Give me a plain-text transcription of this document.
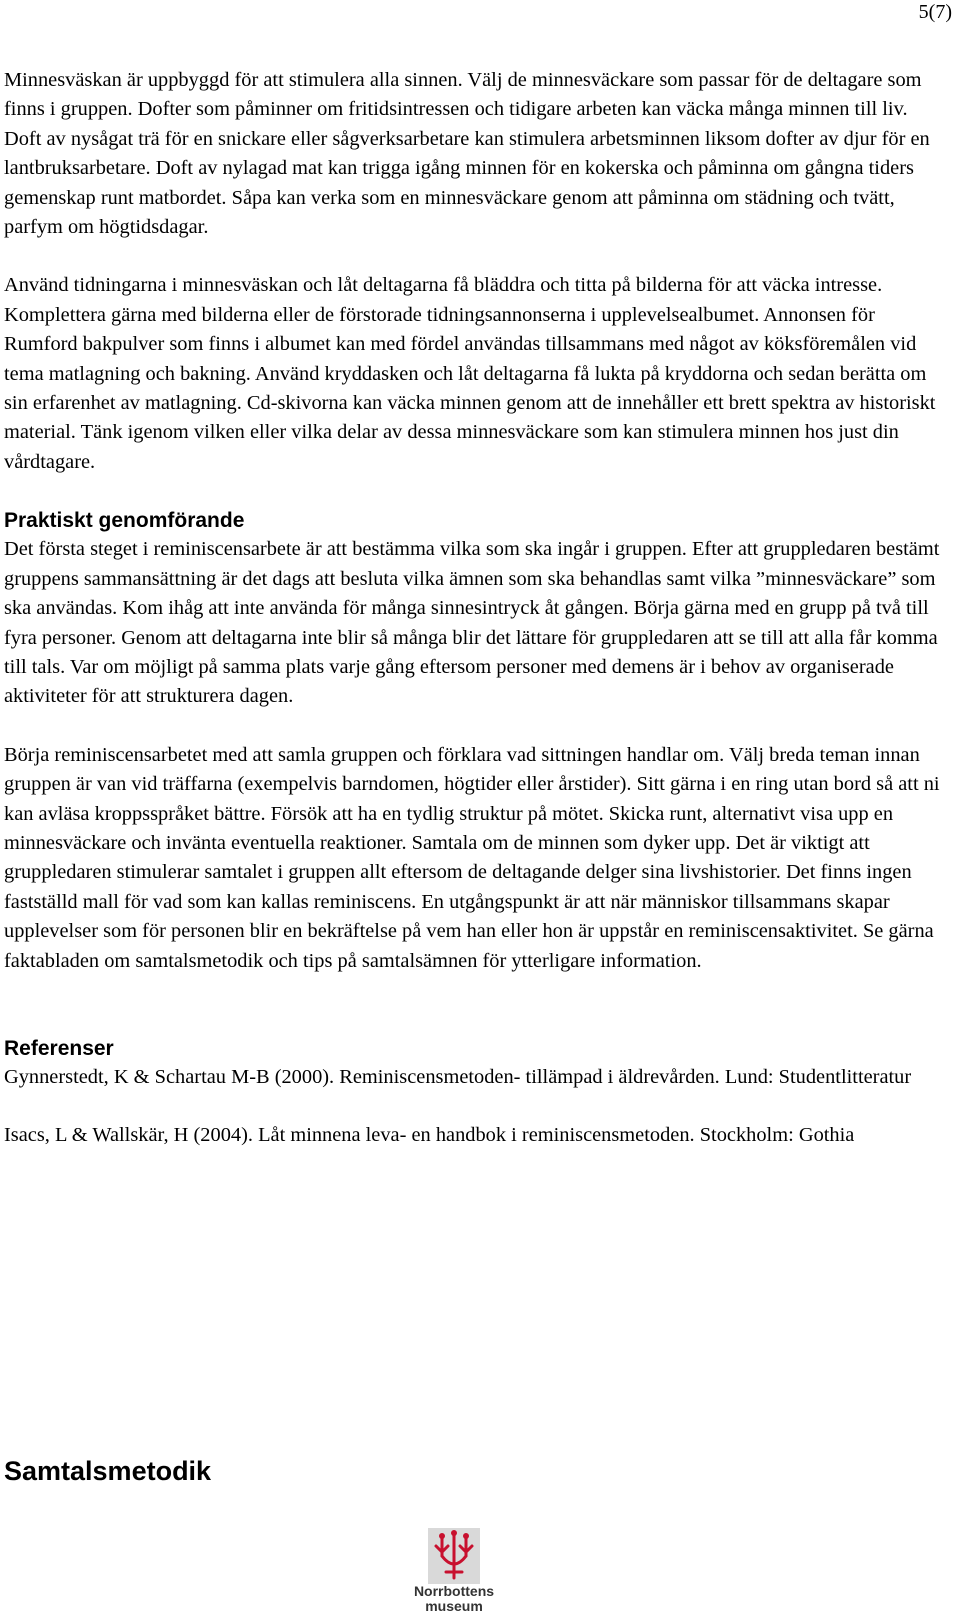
5(7)

Minnesväskan är uppbyggd för att stimulera alla sinnen. Välj de minnesväckare som passar för de deltagare som finns i gruppen. Dofter som påminner om fritidsintressen och tidigare arbeten kan väcka många minnen till liv. Doft av nysågat trä för en snickare eller sågverksarbetare kan stimulera arbetsminnen liksom dofter av djur för en lantbruksarbetare. Doft av nylagad mat kan trigga igång minnen för en kokerska och påminna om gångna tiders gemenskap runt matbordet. Såpa kan verka som en minnesväckare genom att påminna om städning och tvätt, parfym om högtidsdagar.

Använd tidningarna i minnesväskan och låt deltagarna få bläddra och titta på bilderna för att väcka intresse. Komplettera gärna med bilderna eller de förstorade tidningsannonserna i upplevelsealbumet. Annonsen för Rumford bakpulver som finns i albumet kan med fördel användas tillsammans med något av köksföremålen vid tema matlagning och bakning. Använd kryddasken och låt deltagarna få lukta på kryddorna och sedan berätta om sin erfarenhet av matlagning. Cd-skivorna kan väcka minnen genom att de innehåller ett brett spektra av historiskt material. Tänk igenom vilken eller vilka delar av dessa minnesväckare som kan stimulera minnen hos just din vårdtagare.

Praktiskt genomförande

Det första steget i reminiscensarbete är att bestämma vilka som ska ingår i gruppen. Efter att gruppledaren bestämt gruppens sammansättning är det dags att besluta vilka ämnen som ska behandlas samt vilka ”minnesväckare” som ska användas. Kom ihåg att inte använda för många sinnesintryck åt gången. Börja gärna med en grupp på två till fyra personer. Genom att deltagarna inte blir så många blir det lättare för gruppledaren att se till att alla får komma till tals. Var om möjligt på samma plats varje gång eftersom personer med demens är i behov av organiserade aktiviteter för att strukturera dagen.

Börja reminiscensarbetet med att samla gruppen och förklara vad sittningen handlar om. Välj breda teman innan gruppen är van vid träffarna (exempelvis barndomen, högtider eller årstider). Sitt gärna i en ring utan bord så att ni kan avläsa kroppsspråket bättre. Försök att ha en tydlig struktur på mötet. Skicka runt, alternativt visa upp en minnesväckare och invänta eventuella reaktioner. Samtala om de minnen som dyker upp. Det är viktigt att gruppledaren stimulerar samtalet i gruppen allt eftersom de deltagande delger sina livshistorier. Det finns ingen fastställd mall för vad som kan kallas reminiscens. En utgångspunkt är att när människor tillsammans skapar upplevelser som för personen blir en bekräftelse på vem han eller hon är uppstår en reminiscensaktivitet. Se gärna faktabladen om samtalsmetodik och tips på samtalsämnen för ytterligare information.

Referenser

Gynnerstedt, K & Schartau M-B (2000). Reminiscensmetoden- tillämpad i äldrevården. Lund: Studentlitteratur

Isacs, L & Wallskär, H (2004). Låt minnena leva- en handbok i reminiscensmetoden. Stockholm: Gothia

Samtalsmetodik
Norrbottens
museum
